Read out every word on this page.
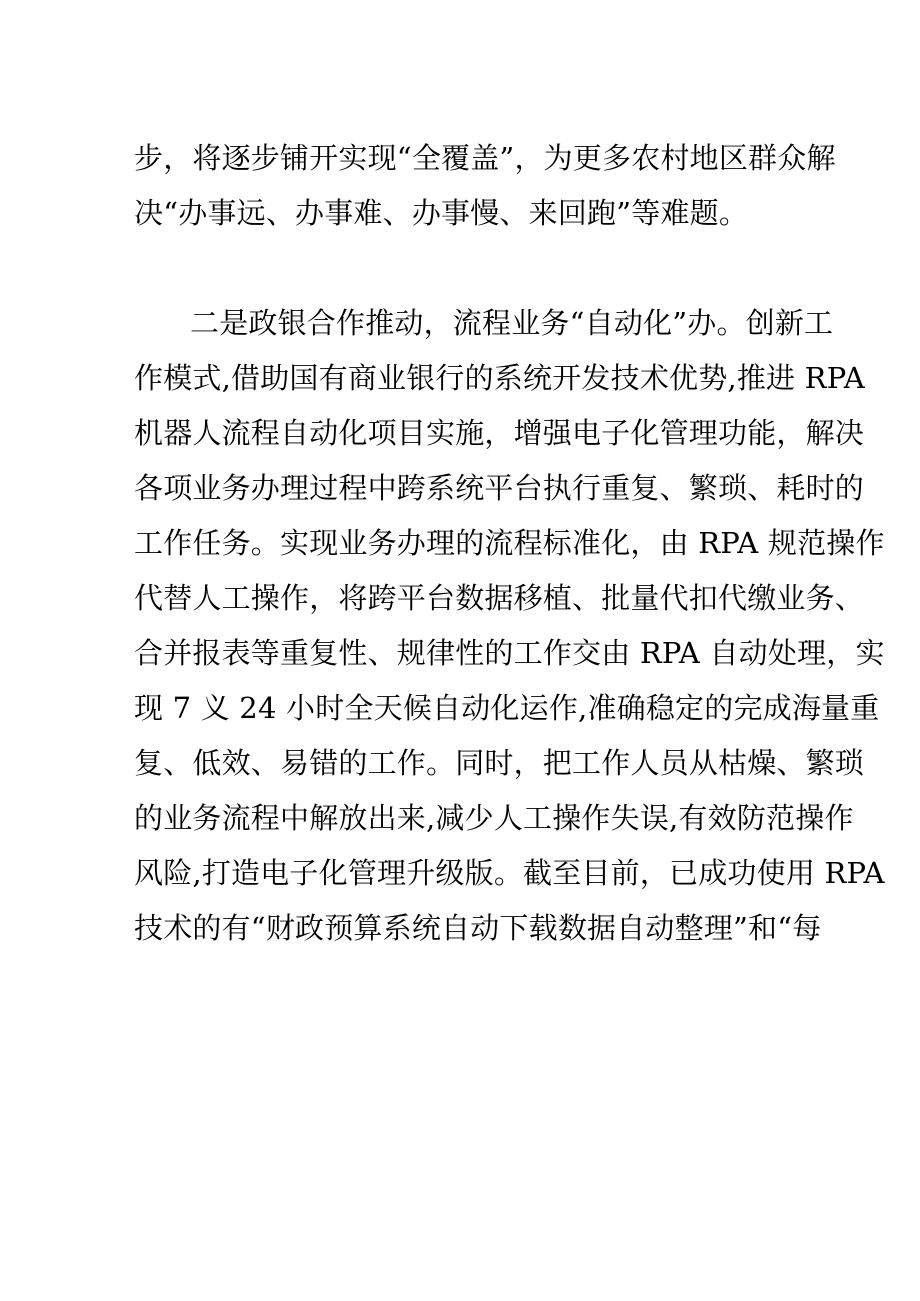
步，将逐步铺开实现“全覆盖”，为更多农村地区群众解
决“办事远、办事难、办事慢、来回跑”等难题。
二是政银合作推动，流程业务“自动化”办。创新工
作模式,借助国有商业银行的系统开发技术优势,推进 RPA
机器人流程自动化项目实施，增强电子化管理功能，解决
各项业务办理过程中跨系统平台执行重复、繁琐、耗时的
工作任务。实现业务办理的流程标准化，由 RPA 规范操作
代替人工操作，将跨平台数据移植、批量代扣代缴业务、
合并报表等重复性、规律性的工作交由 RPA 自动处理，实
现 7 义 24 小时全天候自动化运作,准确稳定的完成海量重
复、低效、易错的工作。同时，把工作人员从枯燥、繁琐
的业务流程中解放出来,减少人工操作失误,有效防范操作
风险,打造电子化管理升级版。截至目前，已成功使用 RPA
技术的有“财政预算系统自动下载数据自动整理”和“每
